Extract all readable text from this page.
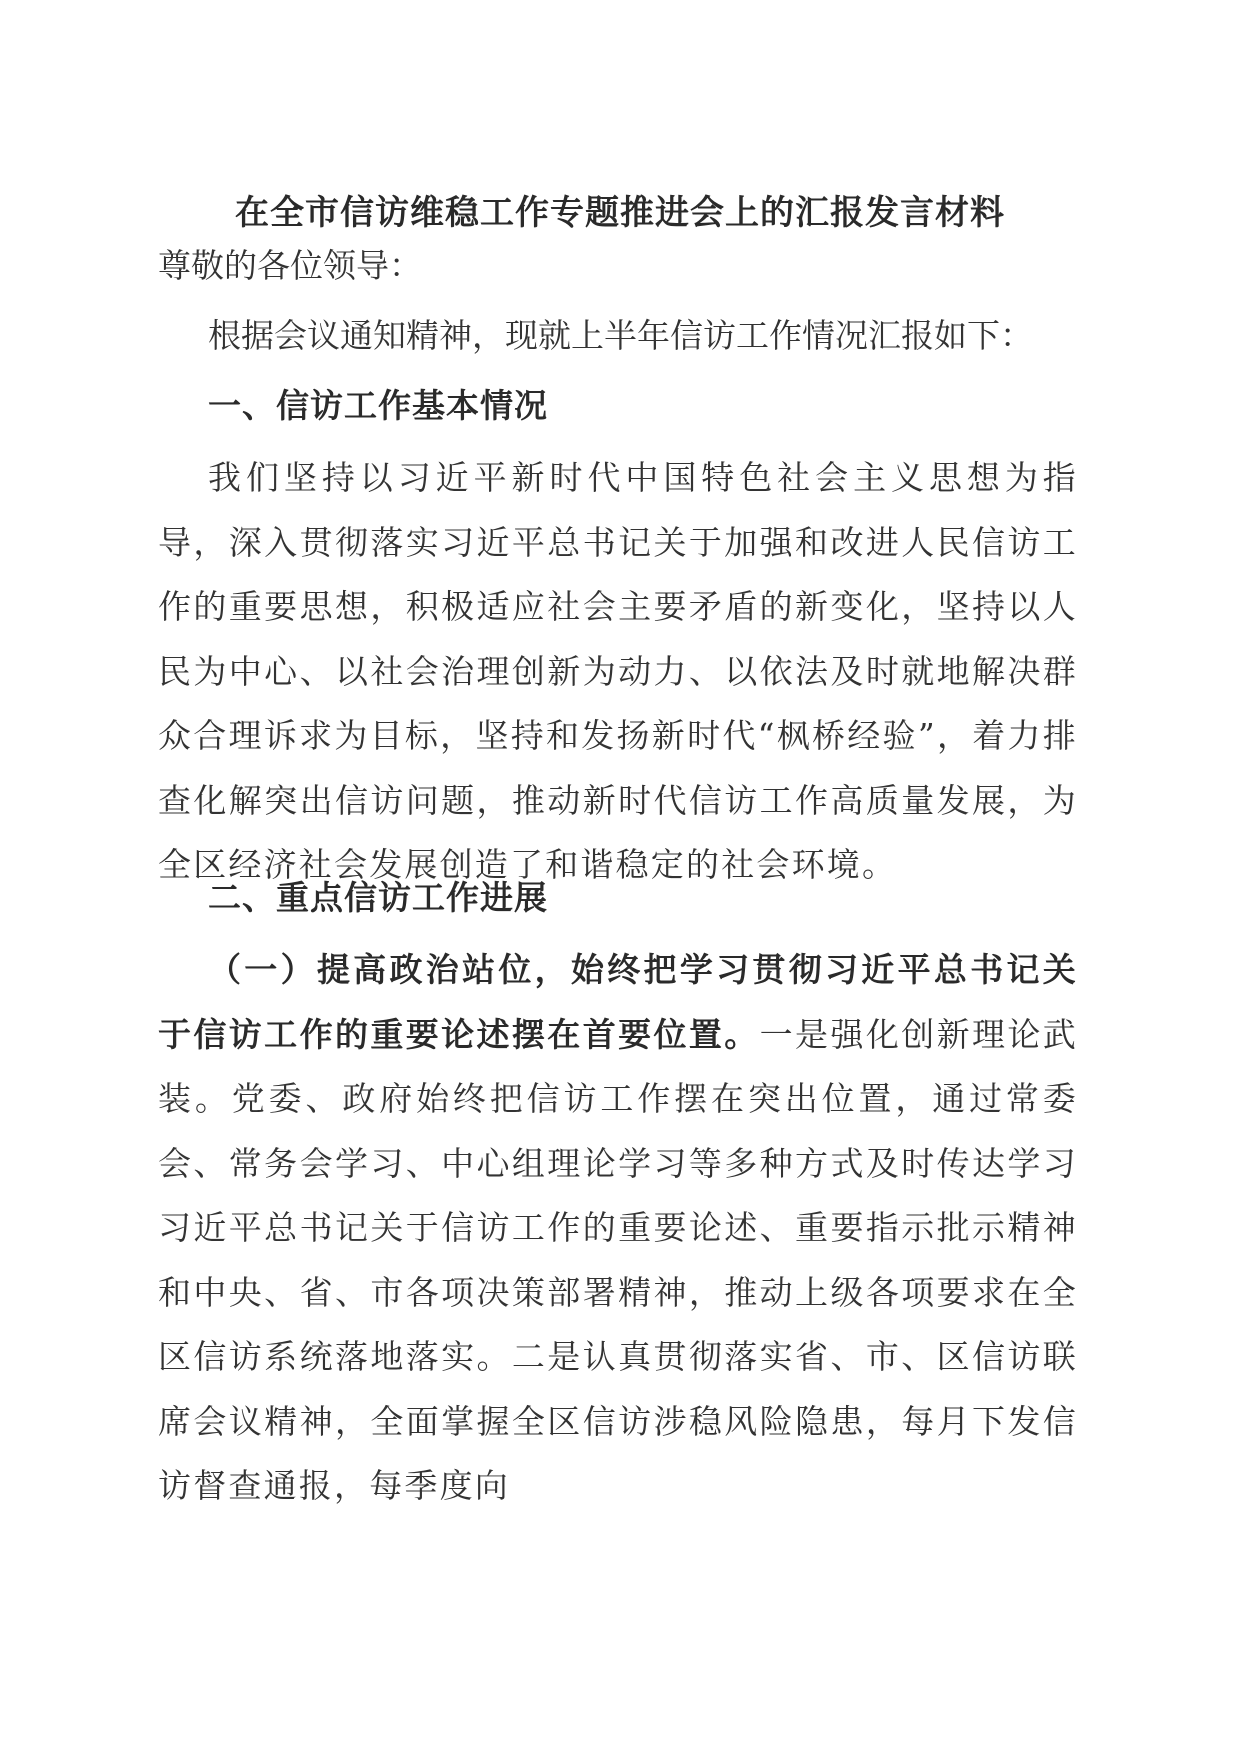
在全市信访维稳工作专题推进会上的汇报发言材料
尊敬的各位领导：
根据会议通知精神，现就上半年信访工作情况汇报如下：
一、信访工作基本情况
我们坚持以习近平新时代中国特色社会主义思想为指导，深入贯彻落实习近平总书记关于加强和改进人民信访工作的重要思想，积极适应社会主要矛盾的新变化，坚持以人民为中心、以社会治理创新为动力、以依法及时就地解决群众合理诉求为目标，坚持和发扬新时代“枫桥经验”，着力排查化解突出信访问题，推动新时代信访工作高质量发展，为全区经济社会发展创造了和谐稳定的社会环境。
二、重点信访工作进展
（一）提高政治站位，始终把学习贯彻习近平总书记关于信访工作的重要论述摆在首要位置。一是强化创新理论武装。党委、政府始终把信访工作摆在突出位置，通过常委会、常务会学习、中心组理论学习等多种方式及时传达学习习近平总书记关于信访工作的重要论述、重要指示批示精神和中央、省、市各项决策部署精神，推动上级各项要求在全区信访系统落地落实。二是认真贯彻落实省、市、区信访联席会议精神，全面掌握全区信访涉稳风险隐患，每月下发信访督查通报，每季度向
